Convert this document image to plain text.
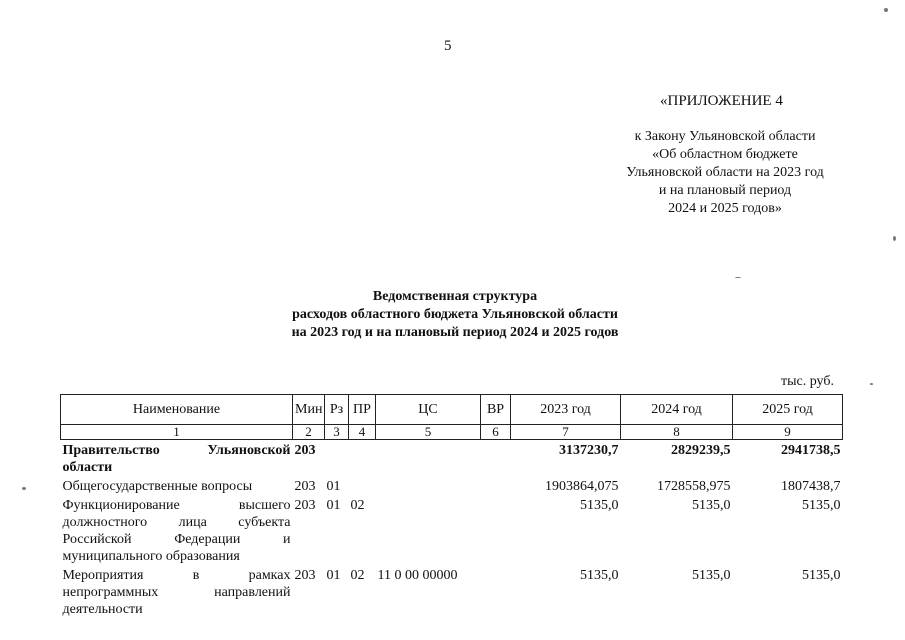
5
«ПРИЛОЖЕНИЕ 4
к Закону Ульяновской области
«Об областном бюджете
Ульяновской области на 2023 год
и на плановый период
2024 и 2025 годов»
Ведомственная структура
расходов областного бюджета Ульяновской области
на 2023 год и на плановый период 2024 и 2025 годов
тыс. руб.
Наименование	Мин	Рз	ПР	ЦС	ВР	2023 год	2024 год	2025 год
1	2	3	4	5	6	7	8	9
Правительство Ульяновской области	203					3137230,7	2829239,5	2941738,5
Общегосударственные вопросы	203	01				1903864,075	1728558,975	1807438,7
Функционирование высшего должностного лица субъекта Российской Федерации и муниципального образования	203	01	02			5135,0	5135,0	5135,0
Мероприятия в рамках непрограммных направлений деятельности	203	01	02	11 0 00 00000		5135,0	5135,0	5135,0
